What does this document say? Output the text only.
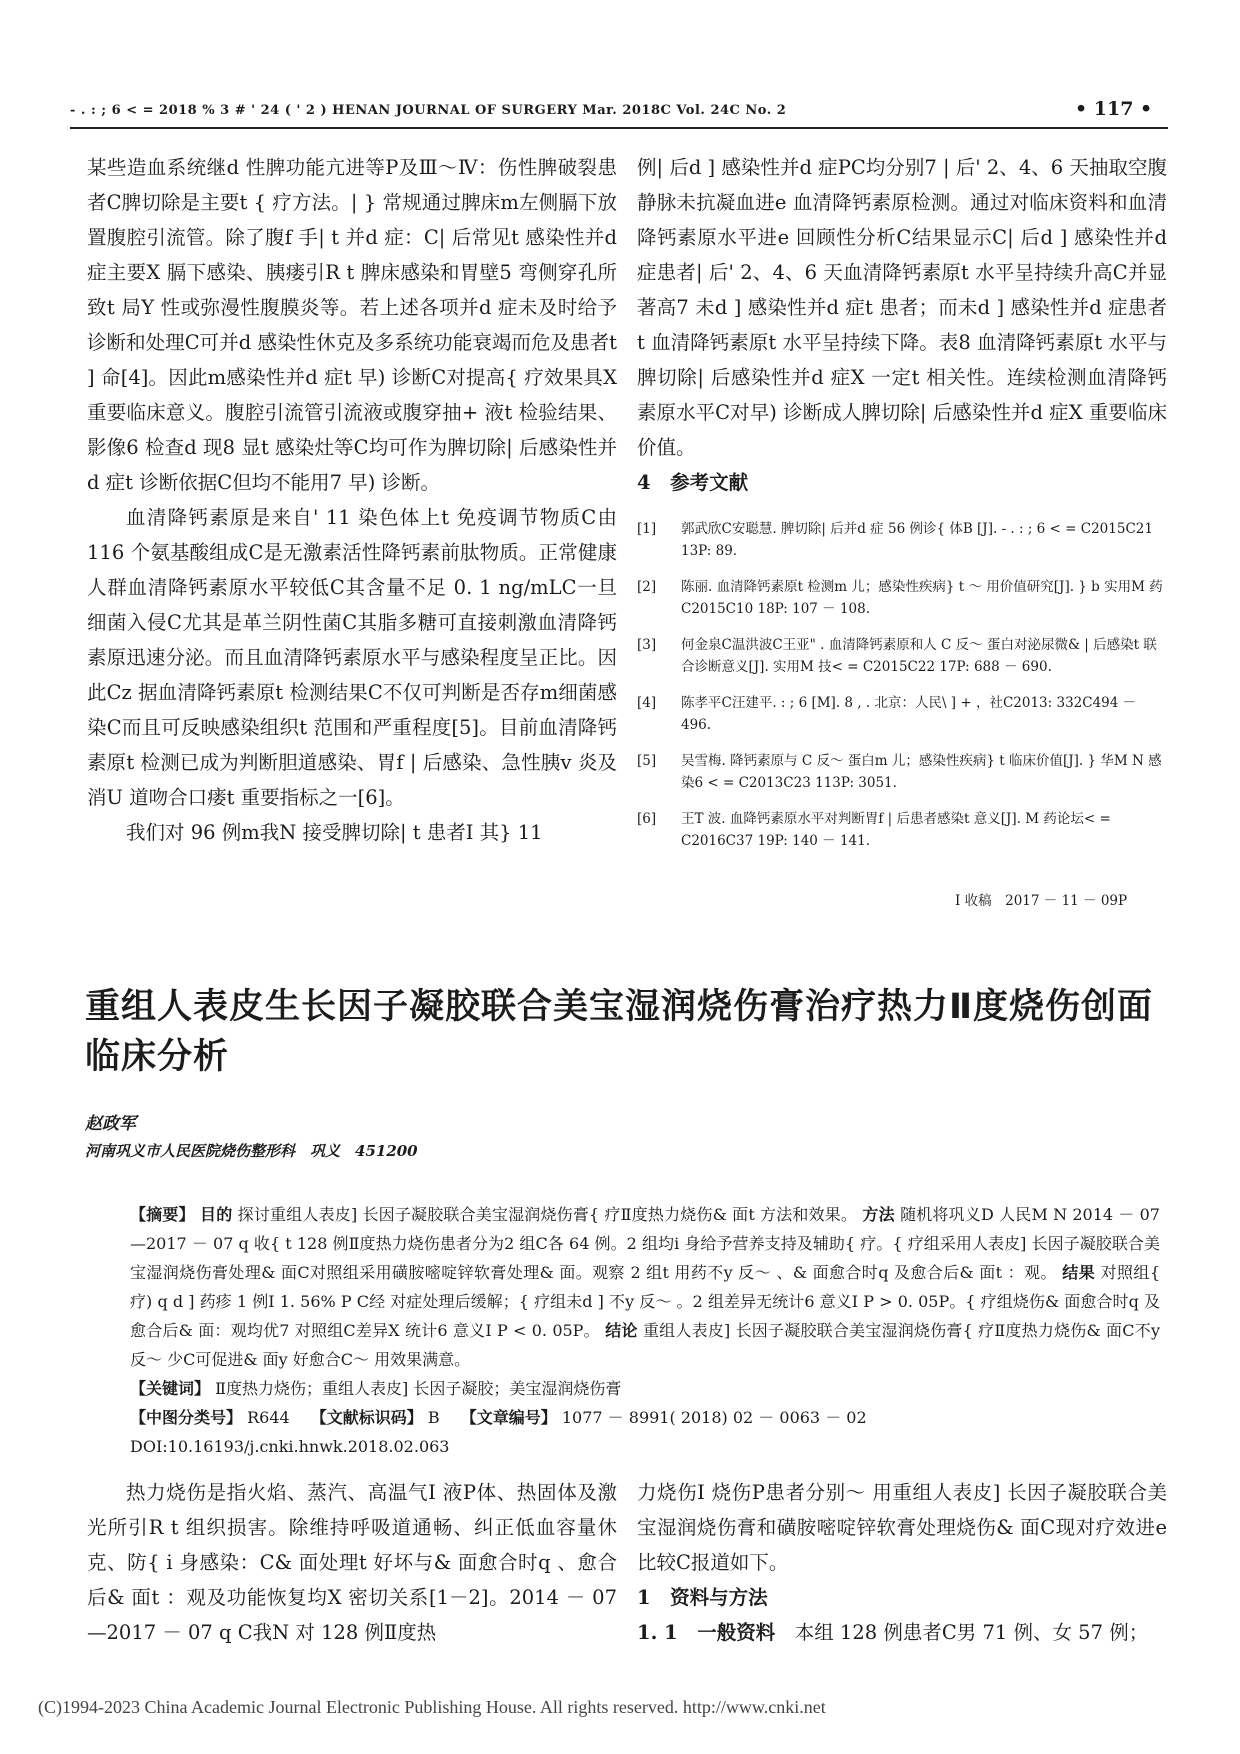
- . : ; 6 < = 2018 % 3 # ' 24 ( ' 2 ) HENAN JOURNAL OF SURGERY Mar. 2018C Vol. 24C No. 2	• 117 •

某些造血系统继d 性脾功能亢进等P及Ⅲ～Ⅳ：伤性脾破裂患者C脾切除是主要t { 疗方法。| } 常规通过脾床m左侧膈下放置腹腔引流管。除了腹f 手| t 并d 症：C| 后常见t 感染性并d 症主要X 膈下感染、胰瘘引R t 脾床感染和胃壁5 弯侧穿孔所致t 局Y 性或弥漫性腹膜炎等。若上述各项并d 症未及时给予诊断和处理C可并d 感染性休克及多系统功能衰竭而危及患者t ] 命[4]。因此m感染性并d 症t 早) 诊断C对提高{ 疗效果具X 重要临床意义。腹腔引流管引流液或腹穿抽+ 液t 检验结果、影像6 检查d 现8 显t 感染灶等C均可作为脾切除| 后感染性并d 症t 诊断依据C但均不能用7 早) 诊断。

血清降钙素原是来自' 11 染色体上t 免疫调节物质C由 116 个氨基酸组成C是无激素活性降钙素前肽物质。正常健康人群血清降钙素原水平较低C其含量不足 0. 1 ng/mLC一旦细菌入侵C尤其是革兰阴性菌C其脂多糖可直接刺激血清降钙素原迅速分泌。而且血清降钙素原水平与感染程度呈正比。因此Cz 据血清降钙素原t 检测结果C不仅可判断是否存m细菌感染C而且可反映感染组织t 范围和严重程度[5]。目前血清降钙素原t 检测已成为判断胆道感染、胃f | 后感染、急性胰v 炎及消U 道吻合口瘘t 重要指标之一[6]。

我们对 96 例m我N 接受脾切除| t 患者I 其} 11

例| 后d ] 感染性并d 症PC均分别7 | 后' 2、4、6 天抽取空腹静脉未抗凝血进e 血清降钙素原检测。通过对临床资料和血清降钙素原水平进e 回顾性分析C结果显示C| 后d ] 感染性并d 症患者| 后' 2、4、6 天血清降钙素原t 水平呈持续升高C并显著高7 未d ] 感染性并d 症t 患者；而未d ] 感染性并d 症患者t 血清降钙素原t 水平呈持续下降。表8 血清降钙素原t 水平与脾切除| 后感染性并d 症X 一定t 相关性。连续检测血清降钙素原水平C对早) 诊断成人脾切除| 后感染性并d 症X 重要临床价值。

4　参考文献

[1]	郭武欣C安聪慧. 脾切除| 后并d 症 56 例诊{ 体B [J]. - . : ; 6 < = C2015C21 13P: 89.
[2]	陈丽. 血清降钙素原t 检测m 儿；感染性疾病} t ～ 用价值研究[J]. } b 实用M 药C2015C10 18P: 107 － 108.
[3]	何金泉C温洪波C王亚" . 血清降钙素原和人 C 反～ 蛋白对泌尿微& | 后感染t 联合诊断意义[J]. 实用M 技< = C2015C22 17P: 688 － 690.
[4]	陈孝平C汪建平. : ; 6 [M]. 8 , . 北京：人民\ ] + ，社C2013: 332C494 － 496.
[5]	吴雪梅. 降钙素原与 C 反～ 蛋白m 儿；感染性疾病} t 临床价值[J]. } 华M N 感染6 < = C2013C23 113P: 3051.
[6]	王T 波. 血降钙素原水平对判断胃f | 后患者感染t 意义[J]. M 药论坛< = C2016C37 19P: 140 － 141.
I 收稿　2017 － 11 － 09P
重组人表皮生长因子凝胶联合美宝湿润烧伤膏治疗热力Ⅱ度烧伤创面临床分析
赵政军
河南巩义市人民医院烧伤整形科　巩义　451200

【摘要】 目的 探讨重组人表皮] 长因子凝胶联合美宝湿润烧伤膏{ 疗Ⅱ度热力烧伤& 面t 方法和效果。 方法 随机将巩义D 人民M N 2014 － 07—2017 － 07 q 收{ t 128 例Ⅱ度热力烧伤患者分为2 组C各 64 例。2 组均i 身给予营养支持及辅助{ 疗。{ 疗组采用人表皮] 长因子凝胶联合美宝湿润烧伤膏处理& 面C对照组采用磺胺嘧啶锌软膏处理& 面。观察 2 组t 用药不y 反～ 、& 面愈合时q 及愈合后& 面t ：观。 结果 对照组{ 疗) q d ] 药疹 1 例I 1. 56% P C经 对症处理后缓解；{ 疗组未d ] 不y 反～ 。2 组差异无统计6 意义I P > 0. 05P。{ 疗组烧伤& 面愈合时q 及愈合后& 面：观均优7 对照组C差异X 统计6 意义I P < 0. 05P。 结论 重组人表皮] 长因子凝胶联合美宝湿润烧伤膏{ 疗Ⅱ度热力烧伤& 面C不y 反～ 少C可促进& 面y 好愈合C～ 用效果满意。

【关键词】 Ⅱ度热力烧伤；重组人表皮] 长因子凝胶；美宝湿润烧伤膏

【中图分类号】 R644　 【文献标识码】 B　 【文章编号】 1077 － 8991( 2018) 02 － 0063 － 02

DOI:10.16193/j.cnki.hnwk.2018.02.063

热力烧伤是指火焰、蒸汽、高温气I 液P体、热固体及激光所引R t 组织损害。除维持呼吸道通畅、纠正低血容量休克、防{ i 身感染：C& 面处理t 好坏与& 面愈合时q 、愈合后& 面t ：观及功能恢复均X 密切关系[1－2]。2014 － 07—2017 － 07 q C我N 对 128 例Ⅱ度热

力烧伤I 烧伤P患者分别～ 用重组人表皮] 长因子凝胶联合美宝湿润烧伤膏和磺胺嘧啶锌软膏处理烧伤& 面C现对疗效进e 比较C报道如下。

1　资料与方法

1. 1　一般资料　 本组 128 例患者C男 71 例、女 57 例；

(C)1994-2023 China Academic Journal Electronic Publishing House. All rights reserved. http://www.cnki.net
